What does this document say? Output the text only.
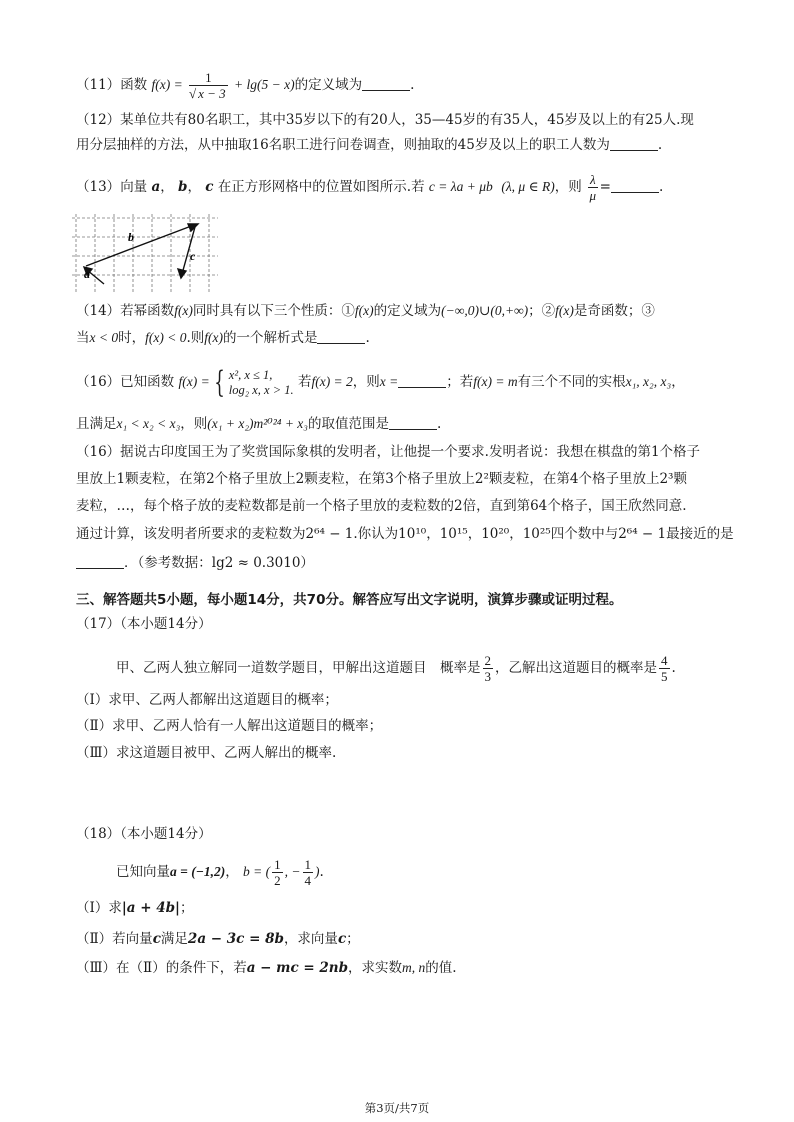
（11）函数 $f(x) = \frac{1}{√ x - 3} + \lg(5 - x)$的定义域为	.
（12）某单位共有80名职工，其中35岁以下的有20人，35—45岁的有35人，45岁及以上的有25人.现
用分层抽样的方法，从中抽取16名职工进行问卷调查，则抽取的45岁及以上的职工人数为	.
（13）向量 a， b， c 在正方形网格中的位置如图所示.若 c = λa + μb (λ, μ ∈ R)，则 $\frac{\lambda}{\mu}$ =	.
b
a
c
（14）若幂函数f(x)同时具有以下三个性质：①f(x)的定义域为(−∞,0)∪(0,+∞)；②f(x)是奇函数；③
当x < 0时，f(x) < 0.则f(x)的一个解析式是	.
（16）已知函数 f(x) = { x², x ≤ 1,
log₂ x, x > 1. 若f(x) = 2，则x =	；若f(x) = m有三个不同的实根x₁, x₂, x₃，
且满足x₁ < x₂ < x₃，则(x₁ + x₂)m²⁰²⁴ + x₃的取值范围是	.
（16）据说古印度国王为了奖赏国际象棋的发明者，让他提一个要求.发明者说：我想在棋盘的第1个格子
里放上1颗麦粒，在第2个格子里放上2颗麦粒，在第3个格子里放上2²颗麦粒，在第4个格子里放上2³颗
麦粒，…，每个格子放的麦粒数都是前一个格子里放的麦粒数的2倍，直到第64个格子，国王欣然同意.
通过计算，该发明者所要求的麦粒数为2⁶⁴ − 1.你认为10¹⁰，10¹⁵，10²⁰，10²⁵四个数中与2⁶⁴ − 1最接近的是
．（参考数据：lg2 ≈ 0.3010）
三、解答题共5小题，每小题14分，共70分。解答应写出文字说明，演算步骤或证明过程。
（17）（本小题14分）
甲、乙两人独立解同一道数学题目，甲解出这道题目　概率是 $\frac{2}{3}$ ，乙解出这道题目的概率是 $\frac{4}{5}$ .
（Ⅰ）求甲、乙两人都解出这道题目的概率；
（Ⅱ）求甲、乙两人恰有一人解出这道题目的概率；
（Ⅲ）求这道题目被甲、乙两人解出的概率.
（18）（本小题14分）
已知向量a = (−1,2)， b = ( $\frac{1}{2}$ , − $\frac{1}{4}$ ).
（Ⅰ）求|a + 4b|；
（Ⅱ）若向量c满足2a − 3c = 8b，求向量c；
（Ⅲ）在（Ⅱ）的条件下，若a − mc = 2nb，求实数m, n的值.
第3页/共7页
